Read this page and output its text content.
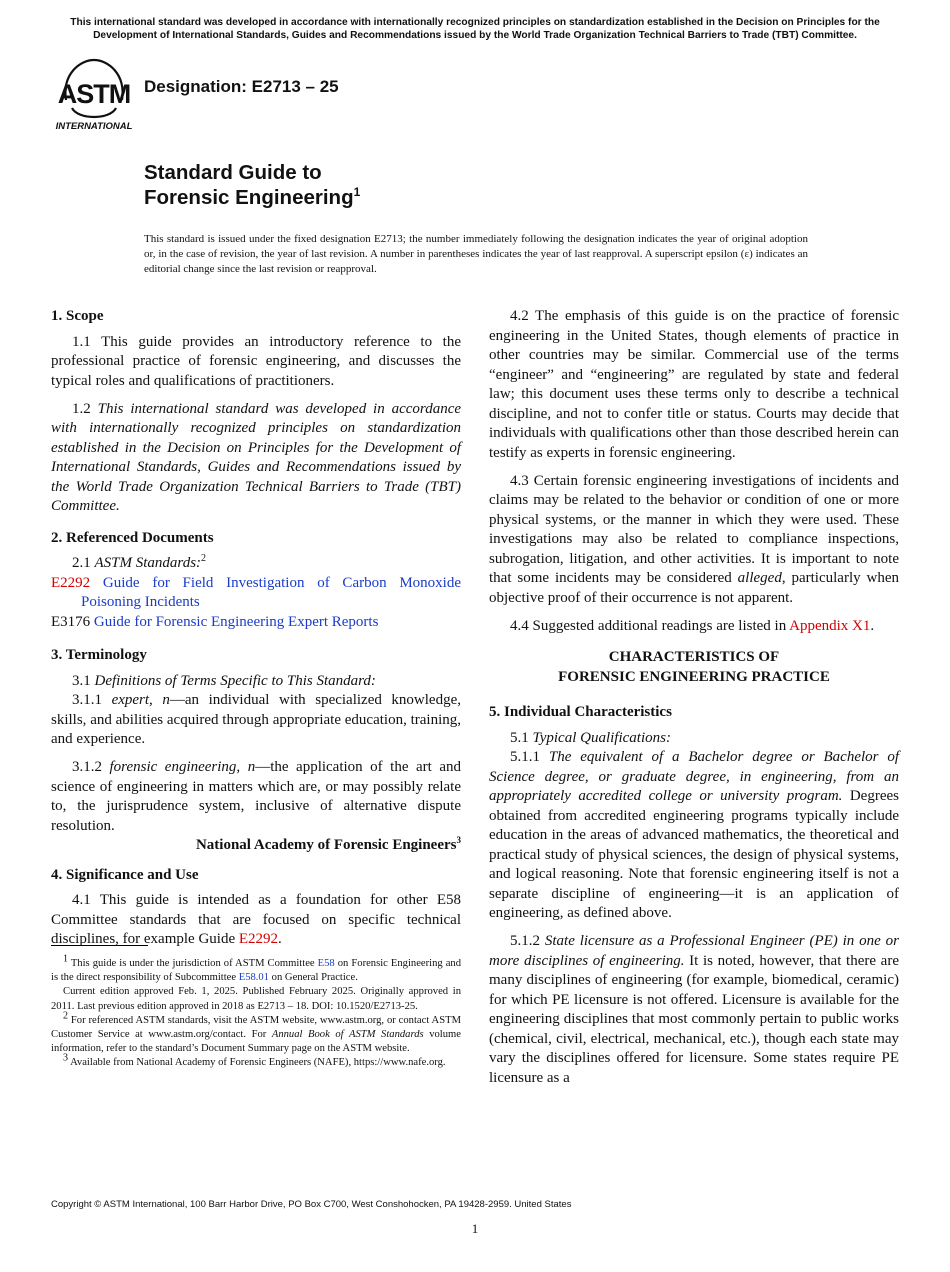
This international standard was developed in accordance with internationally recognized principles on standardization established in the Decision on Principles for the Development of International Standards, Guides and Recommendations issued by the World Trade Organization Technical Barriers to Trade (TBT) Committee.
ASTM
INTERNATIONAL
Designation: E2713 – 25
Standard Guide to
Forensic Engineering$^1$
This standard is issued under the fixed designation E2713; the number immediately following the designation indicates the year of original adoption or, in the case of revision, the year of last revision. A number in parentheses indicates the year of last reapproval. A superscript epsilon (ε) indicates an editorial change since the last revision or reapproval.
1. Scope

1.1 This guide provides an introductory reference to the professional practice of forensic engineering, and discusses the typical roles and qualifications of practitioners.

1.2 This international standard was developed in accordance with internationally recognized principles on standardization established in the Decision on Principles for the Development of International Standards, Guides and Recommendations issued by the World Trade Organization Technical Barriers to Trade (TBT) Committee.

2. Referenced Documents

2.1 ASTM Standards:$^2$

E2292 Guide for Field Investigation of Carbon Monoxide Poisoning Incidents
E3176 Guide for Forensic Engineering Expert Reports
3. Terminology

3.1 Definitions of Terms Specific to This Standard:

3.1.1 expert, n—an individual with specialized knowledge, skills, and abilities acquired through appropriate education, training, and experience.

3.1.2 forensic engineering, n—the application of the art and science of engineering in matters which are, or may possibly relate to, the jurisprudence system, inclusive of alternative dispute resolution.

National Academy of Forensic Engineers$^3$
4. Significance and Use

4.1 This guide is intended as a foundation for other E58 Committee standards that are focused on specific technical disciplines, for example Guide E2292.

$^1$ This guide is under the jurisdiction of ASTM Committee E58 on Forensic Engineering and is the direct responsibility of Subcommittee E58.01 on General Practice.

Current edition approved Feb. 1, 2025. Published February 2025. Originally approved in 2011. Last previous edition approved in 2018 as E2713 – 18. DOI: 10.1520/E2713-25.

$^2$ For referenced ASTM standards, visit the ASTM website, www.astm.org, or contact ASTM Customer Service at www.astm.org/contact. For Annual Book of ASTM Standards volume information, refer to the standard’s Document Summary page on the ASTM website.

$^3$ Available from National Academy of Forensic Engineers (NAFE), https://www.nafe.org.

4.2 The emphasis of this guide is on the practice of forensic engineering in the United States, though elements of practice in other countries may be similar. Commercial use of the terms “engineer” and “engineering” are regulated by state and federal law; this document uses these terms only to describe a technical discipline, and not to confer title or status. Courts may decide that individuals with qualifications other than those described herein can testify as experts in forensic engineering.

4.3 Certain forensic engineering investigations of incidents and claims may be related to the behavior or condition of one or more physical systems, or the manner in which they were used. These investigations may also be related to compliance inspections, subrogation, litigation, and other activities. It is important to note that some incidents may be considered alleged, particularly when objective proof of their occurrence is not apparent.

4.4 Suggested additional readings are listed in Appendix X1.

CHARACTERISTICS OF
FORENSIC ENGINEERING PRACTICE
5. Individual Characteristics

5.1 Typical Qualifications:

5.1.1 The equivalent of a Bachelor degree or Bachelor of Science degree, or graduate degree, in engineering, from an appropriately accredited college or university program. Degrees obtained from accredited engineering programs typically include education in the areas of advanced mathematics, the theoretical and practical study of physical sciences, the design of physical systems, and logical reasoning. Note that forensic engineering itself is not a separate discipline of engineering—it is an application of engineering, as defined above.

5.1.2 State licensure as a Professional Engineer (PE) in one or more disciplines of engineering. It is noted, however, that there are many disciplines of engineering (for example, biomedical, ceramic) for which PE licensure is not offered. Licensure is available for the engineering disciplines that most commonly pertain to public works (chemical, civil, electrical, mechanical, etc.), though each state may vary the disciplines offered for licensure. Some states require PE licensure as a

Copyright © ASTM International, 100 Barr Harbor Drive, PO Box C700, West Conshohocken, PA 19428-2959. United States
1
